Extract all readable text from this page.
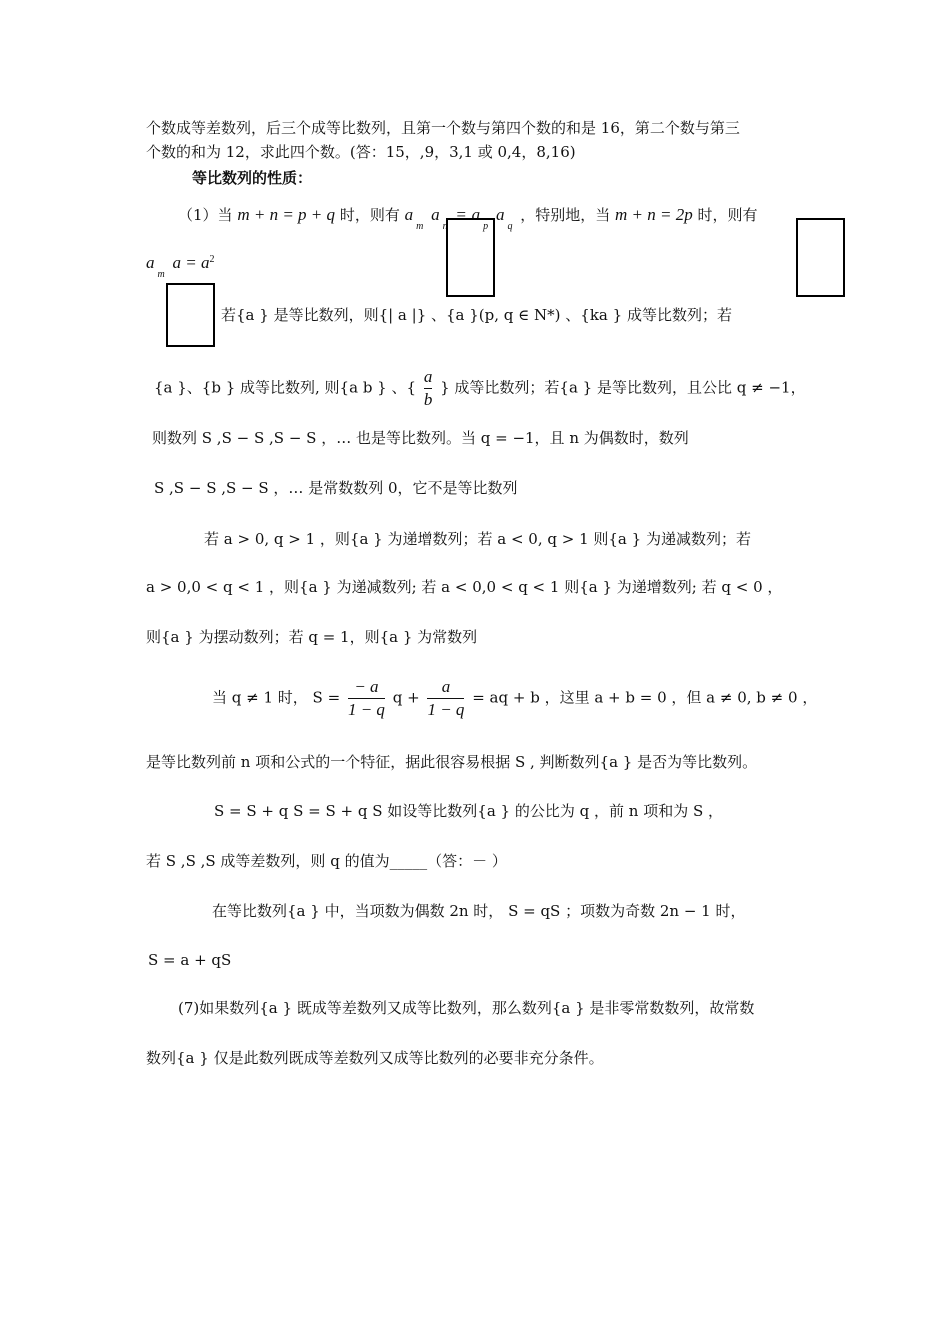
个数成等差数列，后三个成等比数列，且第一个数与第四个数的和是 16，第二个数与第三
个数的和为 12，求此四个数。(答：15，,9，3,1 或 0,4，8,16)
等比数列的性质：
（1）当 m + n = p + q 时，则有 $a_m$ $a_n = a_p$ $a_q$ ，特别地，当 m + n = 2p 时，则有
$a_m$ $a = a^2$
若{a } 是等比数列，则{| a |} 、{a }(p, q ∈ N*) 、{ka } 成等比数列；若
{a }、{b } 成等比数列, 则{a b } 、{ $\frac{a}{b}$ } 成等比数列；若{a } 是等比数列，且公比 q ≠ −1，
则数列 S ,S − S ,S − S ，… 也是等比数列。当 q = −1，且 n 为偶数时，数列
S ,S − S ,S − S ，… 是常数数列 0，它不是等比数列
若 a > 0, q > 1 ，则{a } 为递增数列；若 a < 0, q > 1 则{a } 为递减数列；若
a > 0,0 < q < 1 ，则{a } 为递减数列; 若 a < 0,0 < q < 1 则{a } 为递增数列; 若 q < 0 ，
则{a } 为摆动数列；若 q = 1，则{a } 为常数列
当 q ≠ 1 时， $S = \frac{- a}{1 - q}$ $q + \frac{a}{1 - q}$ = aq + b ，这里 a + b = 0 ，但 a ≠ 0, b ≠ 0 ，
是等比数列前 n 项和公式的一个特征，据此很容易根据 S , 判断数列{a } 是否为等比数列。
S = S + q S = S + q S 如设等比数列{a } 的公比为 q ，前 n 项和为 S ，
若 S ,S ,S 成等差数列，则 q 的值为_____（答：－ ）
在等比数列{a } 中，当项数为偶数 2n 时， S = qS ；项数为奇数 2n − 1 时，
S = a + qS
(7)如果数列{a } 既成等差数列又成等比数列，那么数列{a } 是非零常数数列，故常数
数列{a } 仅是此数列既成等差数列又成等比数列的必要非充分条件。
